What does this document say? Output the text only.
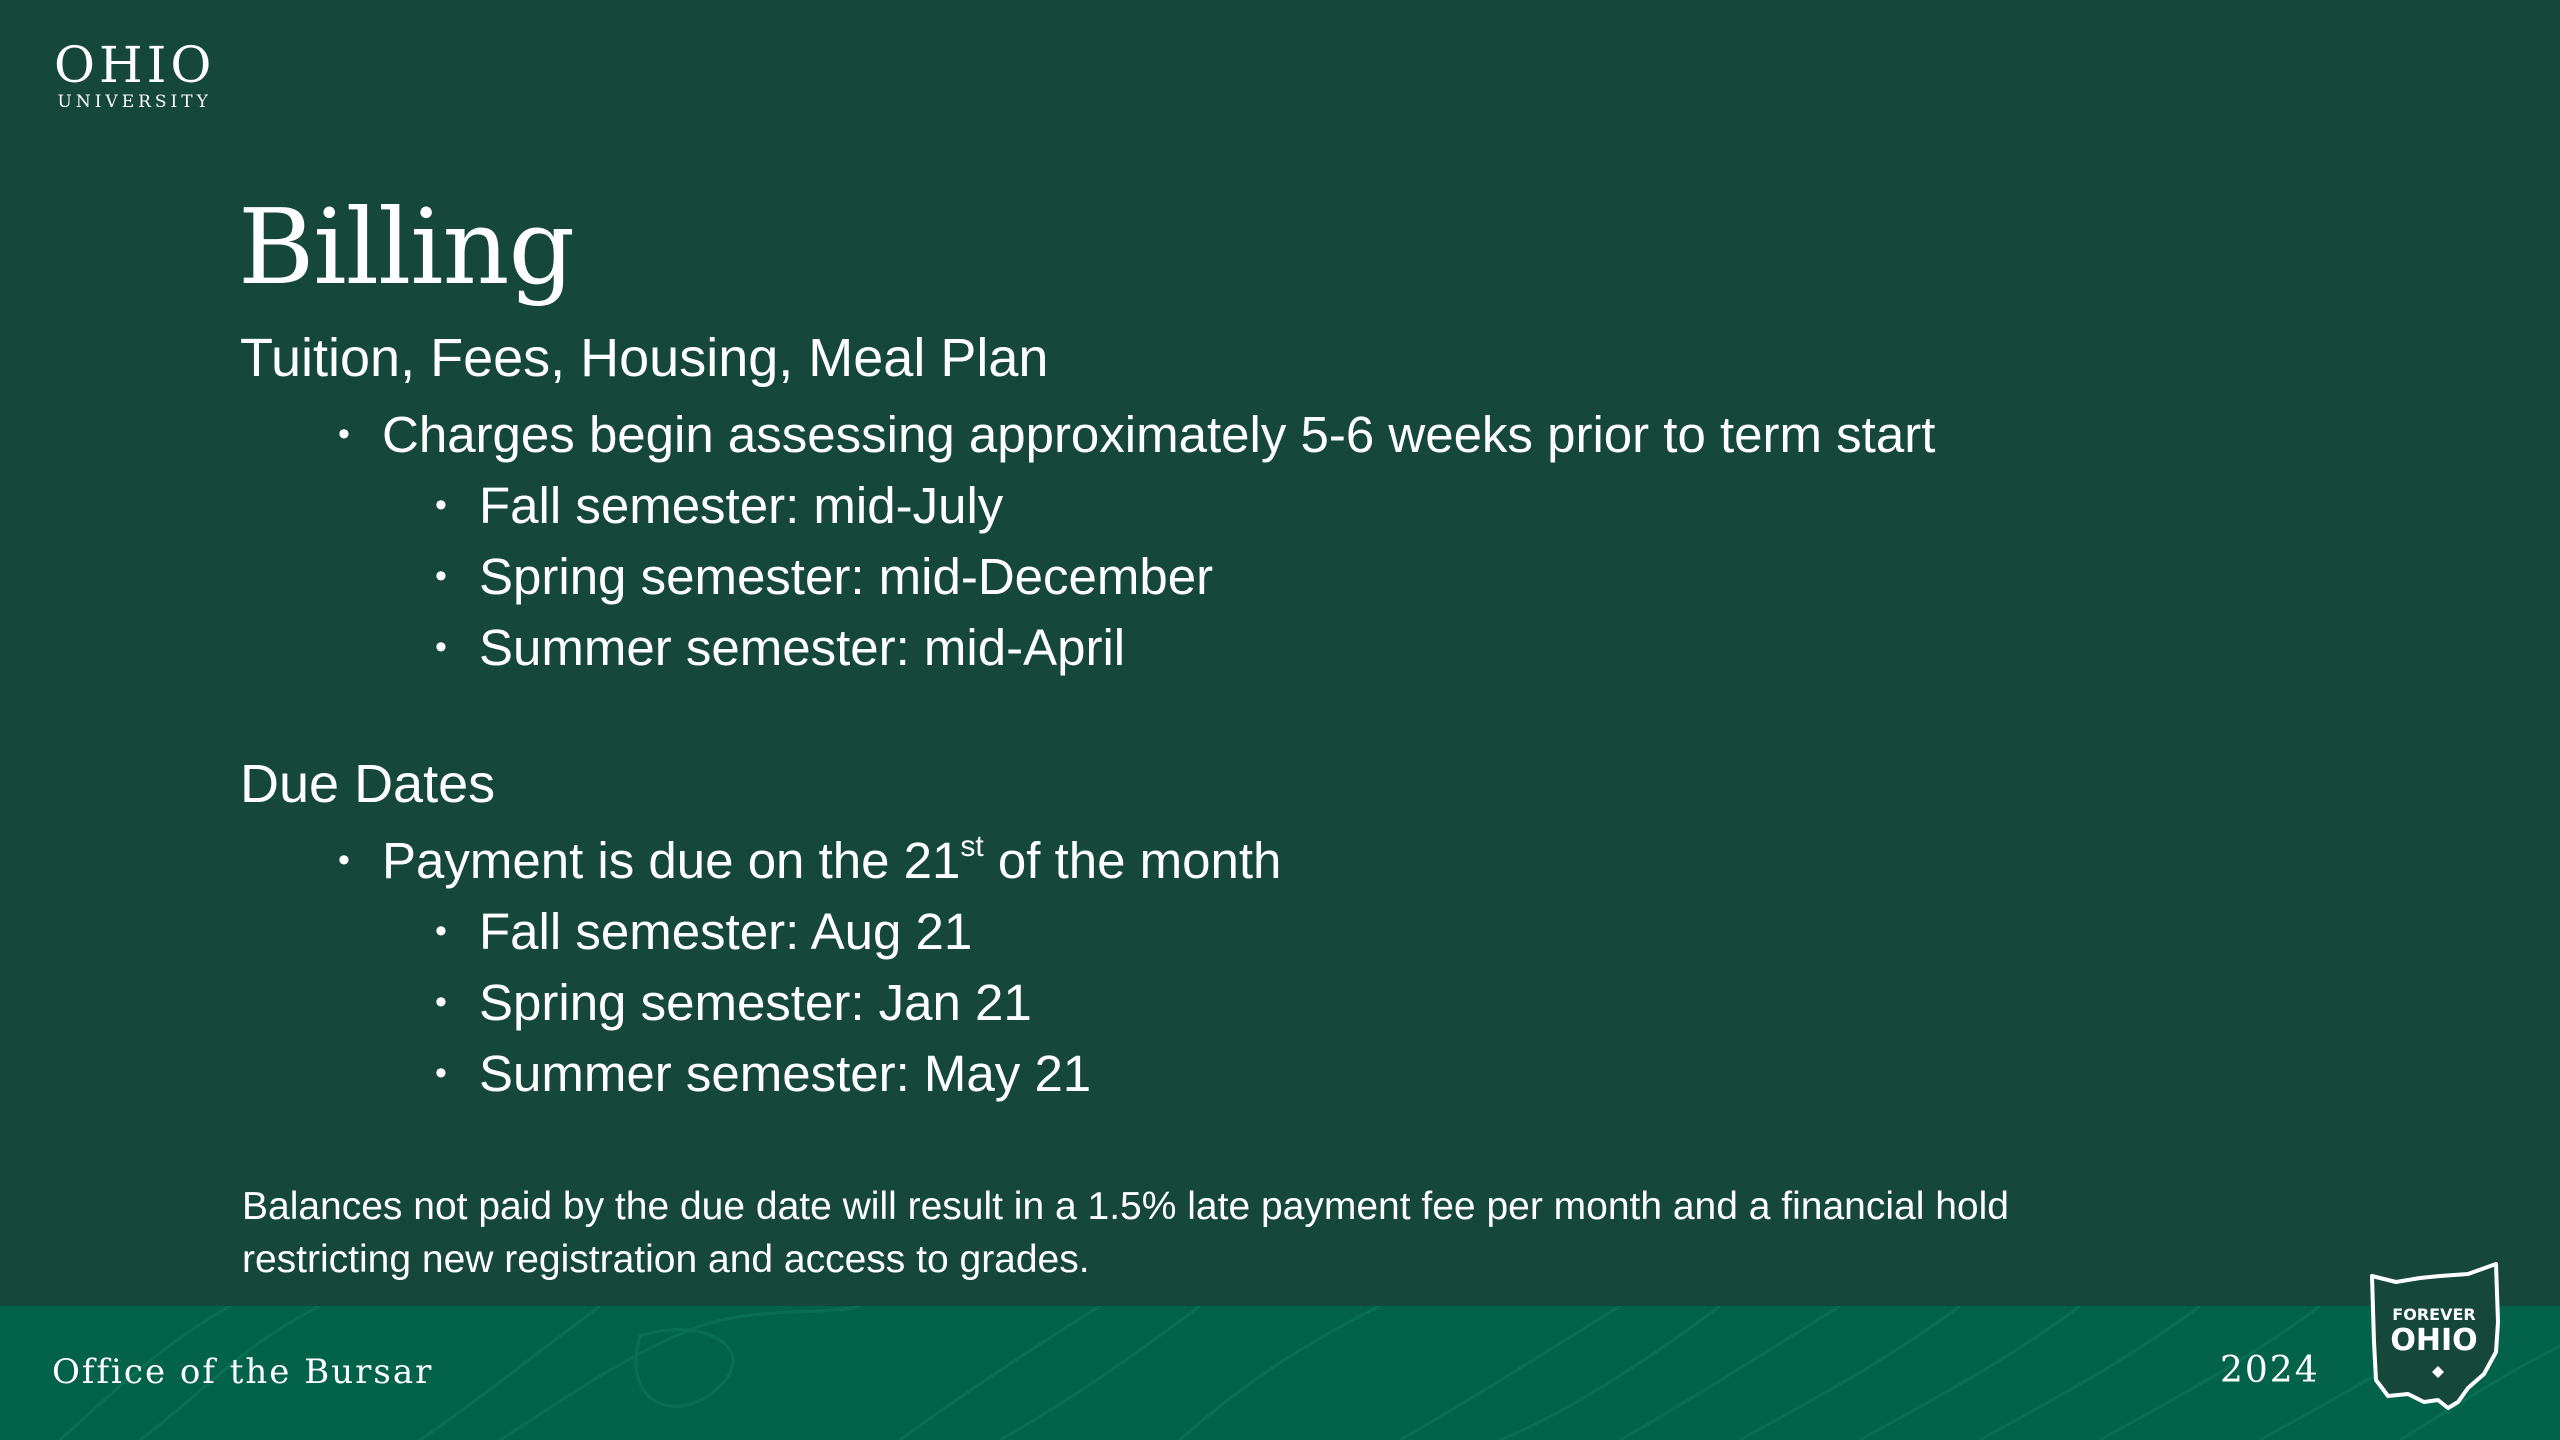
OHIO
UNIVERSITY
Billing
Tuition, Fees, Housing, Meal Plan
• Charges begin assessing approximately 5-6 weeks prior to term start
• Fall semester: mid-July
• Spring semester: mid-December
• Summer semester: mid-April
Due Dates
• Payment is due on the 21st of the month
• Fall semester: Aug 21
• Spring semester: Jan 21
• Summer semester: May 21

Balances not paid by the due date will result in a 1.5% late payment fee per month and a financial hold restricting new registration and access to grades.

Office of the Bursar	2024
FOREVER
OHIO
